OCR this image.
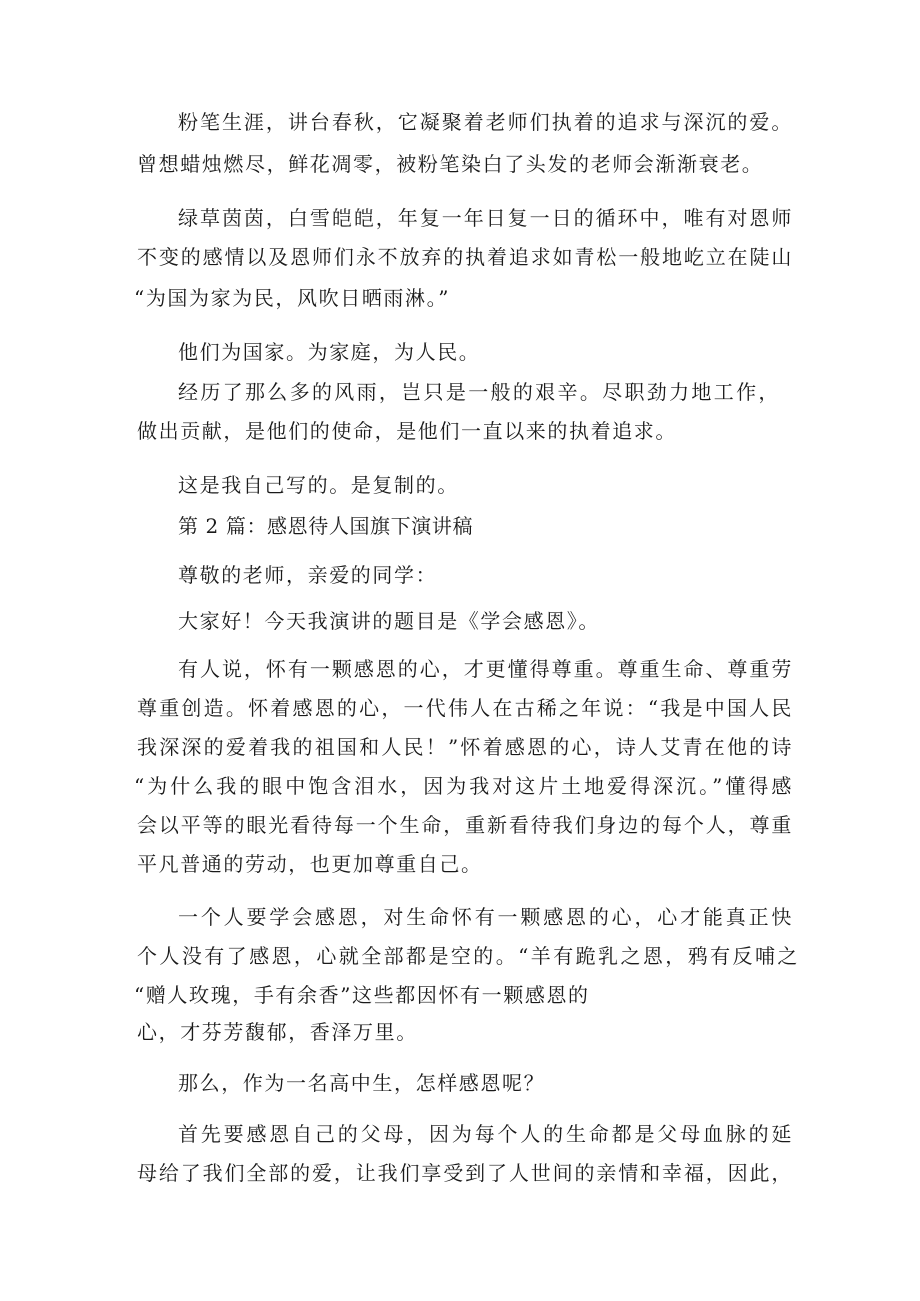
粉笔生涯，讲台春秋，它凝聚着老师们执着的追求与深沉的爱。
曾想蜡烛燃尽，鲜花凋零，被粉笔染白了头发的老师会渐渐衰老。
绿草茵茵，白雪皑皑，年复一年日复一日的循环中，唯有对恩师
不变的感情以及恩师们永不放弃的执着追求如青松一般地屹立在陡山
“为国为家为民，风吹日晒雨淋。”
他们为国家。为家庭，为人民。
经历了那么多的风雨，岂只是一般的艰辛。尽职劲力地工作，
做出贡献，是他们的使命，是他们一直以来的执着追求。
这是我自己写的。是复制的。
第 2 篇：感恩待人国旗下演讲稿
尊敬的老师，亲爱的同学：
大家好！今天我演讲的题目是《学会感恩》。
有人说，怀有一颗感恩的心，才更懂得尊重。尊重生命、尊重劳
尊重创造。怀着感恩的心，一代伟人在古稀之年说：“我是中国人民
我深深的爱着我的祖国和人民！”怀着感恩的心，诗人艾青在他的诗
“为什么我的眼中饱含泪水，因为我对这片土地爱得深沉。”懂得感
会以平等的眼光看待每一个生命，重新看待我们身边的每个人，尊重
平凡普通的劳动，也更加尊重自己。
一个人要学会感恩，对生命怀有一颗感恩的心，心才能真正快
个人没有了感恩，心就全部都是空的。“羊有跪乳之恩，鸦有反哺之
“赠人玫瑰，手有余香”这些都因怀有一颗感恩的
心，才芬芳馥郁，香泽万里。
那么，作为一名高中生，怎样感恩呢？
首先要感恩自己的父母，因为每个人的生命都是父母血脉的延
母给了我们全部的爱，让我们享受到了人世间的亲情和幸福，因此，
